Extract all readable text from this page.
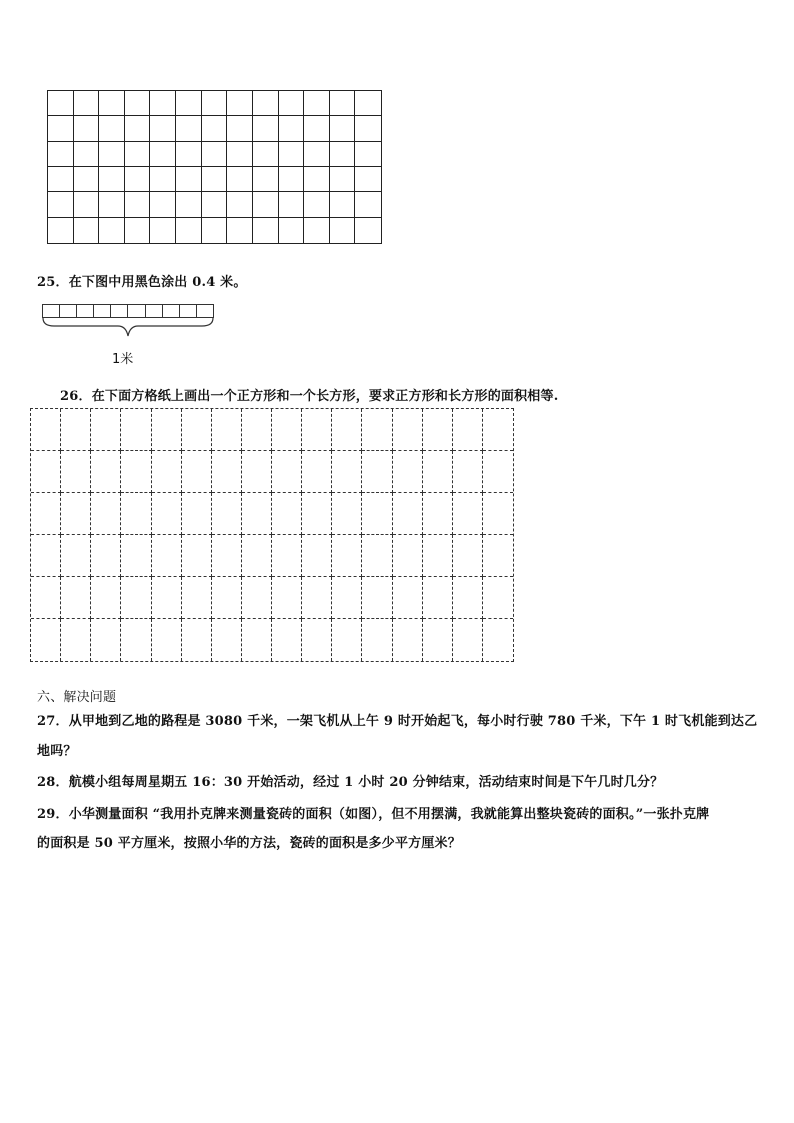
25．在下图中用黑色涂出 0.4 米。
1米
26．在下面方格纸上画出一个正方形和一个长方形，要求正方形和长方形的面积相等.
六、解决问题
27．从甲地到乙地的路程是 3080 千米，一架飞机从上午 9 时开始起飞，每小时行驶 780 千米，下午 1 时飞机能到达乙
地吗？
28．航模小组每周星期五 16：30 开始活动，经过 1 小时 20 分钟结束，活动结束时间是下午几时几分？
29．小华测量面积 “我用扑克牌来测量瓷砖的面积（如图），但不用摆满，我就能算出整块瓷砖的面积。”一张扑克牌
的面积是 50 平方厘米，按照小华的方法，瓷砖的面积是多少平方厘米？
